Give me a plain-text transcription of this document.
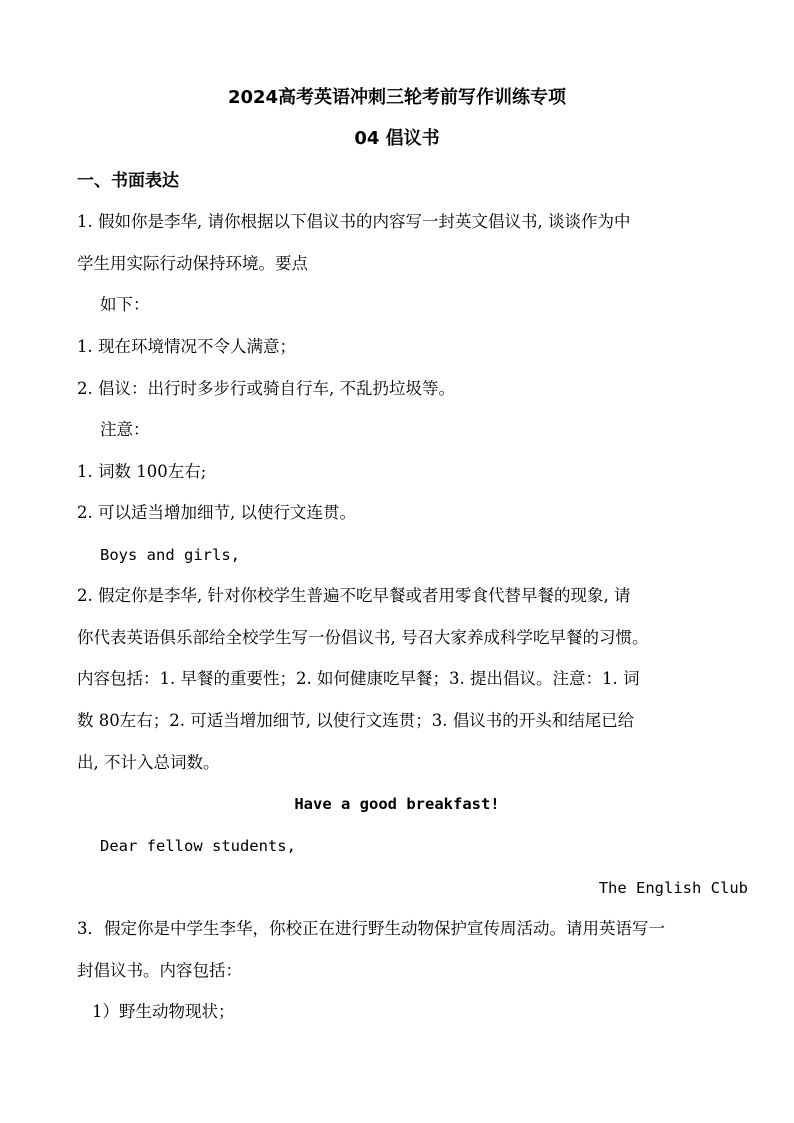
2024高考英语冲刺三轮考前写作训练专项
04 倡议书
一、书面表达
1. 假如你是李华, 请你根据以下倡议书的内容写一封英文倡议书, 谈谈作为中
学生用实际行动保持环境。要点
如下：
1. 现在环境情况不令人满意；
2. 倡议：出行时多步行或骑自行车, 不乱扔垃圾等。
注意：
1. 词数 100左右;
2. 可以适当增加细节, 以使行文连贯。
Boys and girls,
2. 假定你是李华, 针对你校学生普遍不吃早餐或者用零食代替早餐的现象, 请
你代表英语俱乐部给全校学生写一份倡议书, 号召大家养成科学吃早餐的习惯。
内容包括：1. 早餐的重要性；2. 如何健康吃早餐；3. 提出倡议。注意：1. 词
数 80左右；2. 可适当增加细节, 以使行文连贯；3. 倡议书的开头和结尾已给
出, 不计入总词数。
Have a good breakfast!
Dear fellow students,
The English Club
3．假定你是中学生李华，你校正在进行野生动物保护宣传周活动。请用英语写一
封倡议书。内容包括：
1）野生动物现状；
